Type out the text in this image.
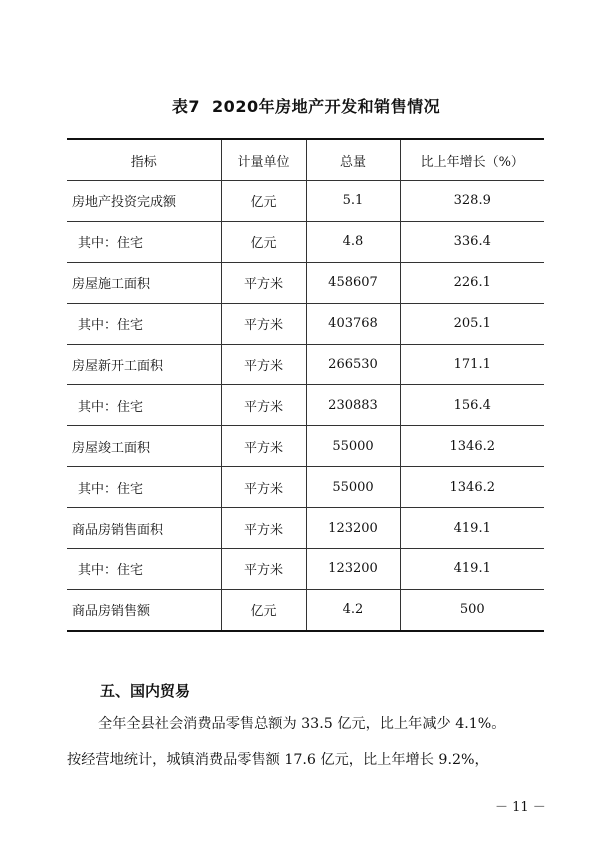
表7 2020年房地产开发和销售情况
指标	计量单位	总量	比上年增长（%）
房地产投资完成额	亿元	5.1	328.9
其中：住宅	亿元	4.8	336.4
房屋施工面积	平方米	458607	226.1
其中：住宅	平方米	403768	205.1
房屋新开工面积	平方米	266530	171.1
其中：住宅	平方米	230883	156.4
房屋竣工面积	平方米	55000	1346.2
其中：住宅	平方米	55000	1346.2
商品房销售面积	平方米	123200	419.1
其中：住宅	平方米	123200	419.1
商品房销售额	亿元	4.2	500
五、国内贸易
全年全县社会消费品零售总额为 33.5 亿元，比上年减少 4.1%。
按经营地统计，城镇消费品零售额 17.6 亿元，比上年增长 9.2%，
－ 11 －
